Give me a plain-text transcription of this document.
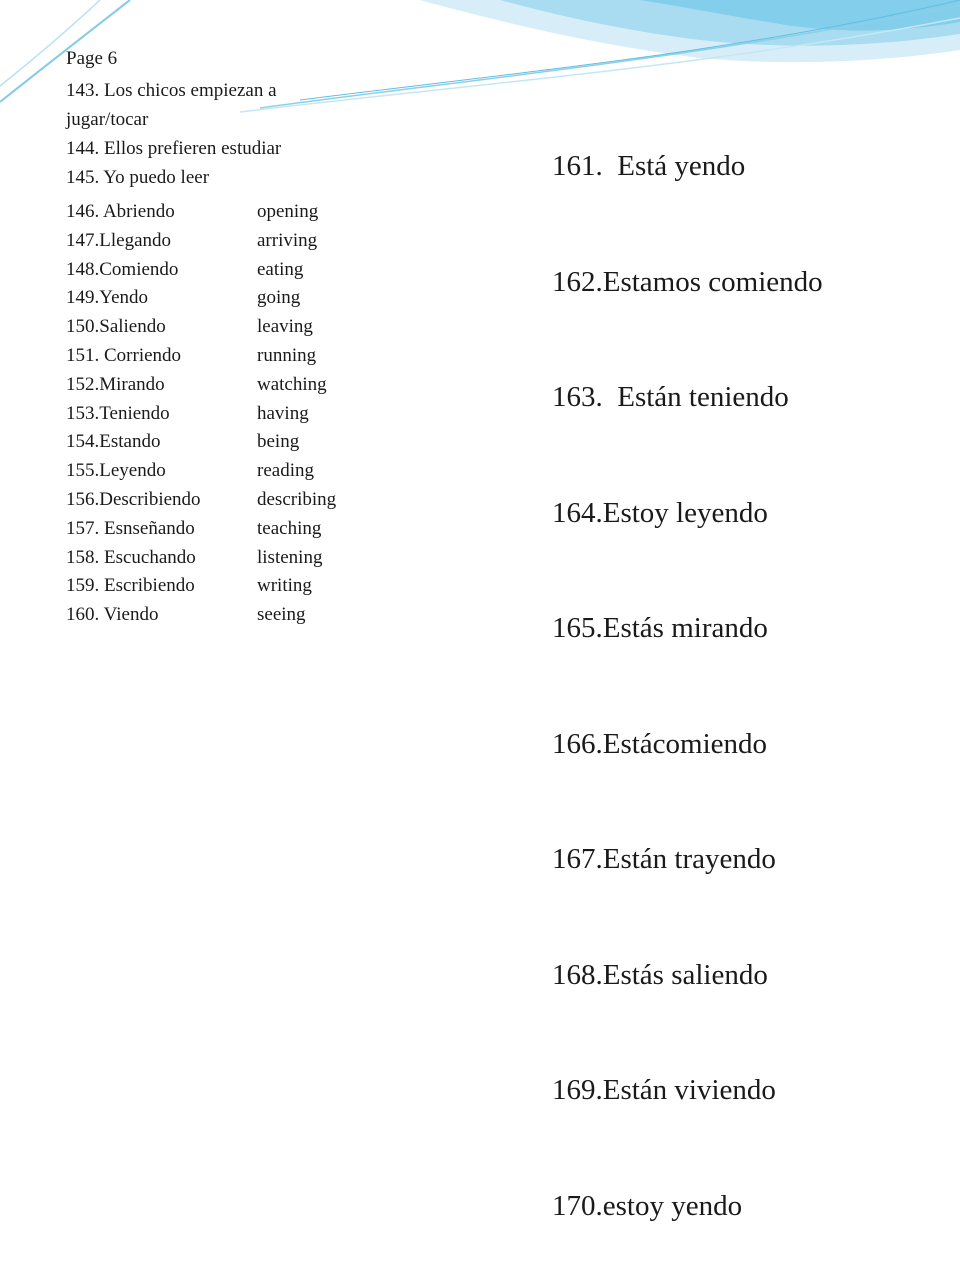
Page 6
143. Los chicos empiezan a
jugar/tocar
144. Ellos prefieren estudiar
145. Yo puedo leer
146. Abriendo	opening
147.Llegando	arriving
148.Comiendo	eating
149.Yendo	going
150.Saliendo	leaving
151. Corriendo	running
152.Mirando	watching
153.Teniendo	having
154.Estando	being
155.Leyendo	reading
156.Describiendo	describing
157. Esnseñando	teaching
158. Escuchando	listening
159. Escribiendo	writing
160. Viendo	seeing

161.  Está yendo

162.Estamos comiendo

163.  Están teniendo

164.Estoy leyendo

165.Estás mirando

166.Estácomiendo

167.Están trayendo

168.Estás saliendo

169.Están viviendo

170.estoy yendo
